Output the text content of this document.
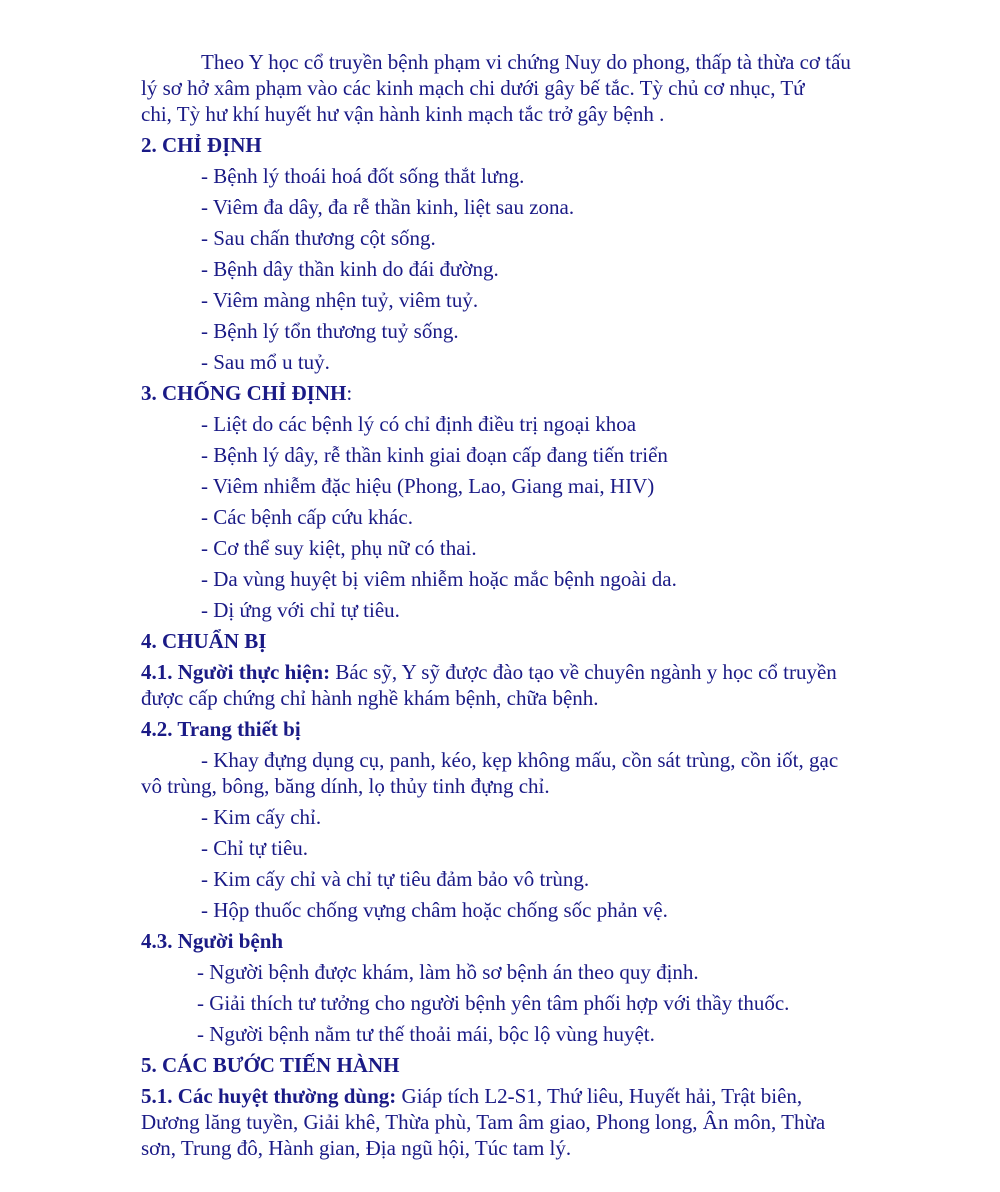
Theo Y học cổ truyền bệnh phạm vi chứng Nuy do phong, thấp tà thừa cơ tấu
lý sơ hở xâm phạm vào các kinh mạch chi dưới gây bế tắc. Tỳ chủ cơ nhục, Tứ
chi, Tỳ hư khí huyết hư vận hành kinh mạch tắc trở gây bệnh .
2. CHỈ ĐỊNH
- Bệnh lý thoái hoá đốt sống thắt lưng.
- Viêm đa dây, đa rễ thần kinh, liệt sau zona.
- Sau chấn thương cột sống.
- Bệnh dây thần kinh do đái đường.
- Viêm màng nhện tuỷ, viêm tuỷ.
- Bệnh lý tổn thương tuỷ sống.
- Sau mổ u tuỷ.
3. CHỐNG CHỈ ĐỊNH:
- Liệt do các bệnh lý có chỉ định điều trị ngoại khoa
- Bệnh lý dây, rễ thần kinh giai đoạn cấp đang tiến triển
- Viêm nhiễm đặc hiệu (Phong, Lao, Giang mai, HIV)
- Các bệnh cấp cứu khác.
- Cơ thể suy kiệt, phụ nữ có thai.
- Da vùng huyệt bị viêm nhiễm hoặc mắc bệnh ngoài da.
- Dị ứng với chỉ tự tiêu.
4. CHUẨN BỊ
4.1. Người thực hiện: Bác sỹ, Y sỹ được đào tạo về chuyên ngành y học cổ truyền
được cấp chứng chỉ hành nghề khám bệnh, chữa bệnh.
4.2. Trang thiết bị
- Khay đựng dụng cụ, panh, kéo, kẹp không mấu, cồn sát trùng, cồn iốt, gạc
vô trùng, bông, băng dính, lọ thủy tinh đựng chỉ.
- Kim cấy chỉ.
- Chỉ tự tiêu.
- Kim cấy chỉ và chỉ tự tiêu đảm bảo vô trùng.
- Hộp thuốc chống vựng châm hoặc chống sốc phản vệ.
4.3. Người bệnh
- Người bệnh được khám, làm hồ sơ bệnh án theo quy định.
- Giải thích tư tưởng cho người bệnh yên tâm phối hợp với thầy thuốc.
- Người bệnh nằm tư thế thoải mái, bộc lộ vùng huyệt.
5. CÁC BƯỚC TIẾN HÀNH
5.1. Các huyệt thường dùng: Giáp tích L2-S1, Thứ liêu, Huyết hải, Trật biên,
Dương lăng tuyền, Giải khê, Thừa phù, Tam âm giao, Phong long, Ân môn, Thừa
sơn, Trung đô, Hành gian, Địa ngũ hội, Túc tam lý.
